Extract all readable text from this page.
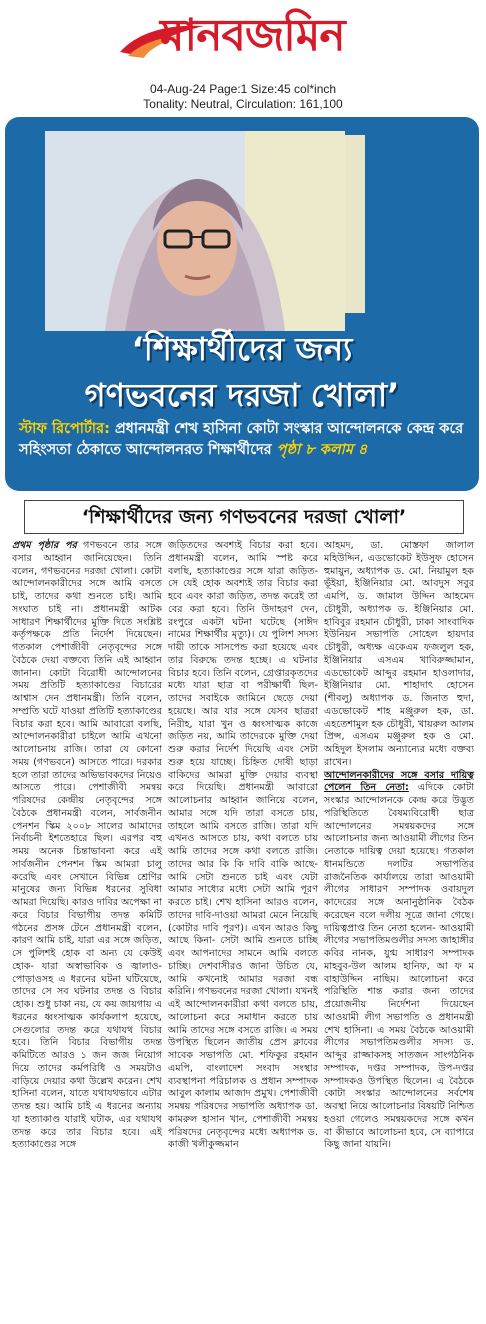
মানবজমিন
04-Aug-24 Page:1 Size:45 col*inch
Tonality: Neutral, Circulation: 161,100
‘শিক্ষার্থীদের জন্য
গণভবনের দরজা খোলা’
স্টাফ রিপোর্টার: প্রধানমন্ত্রী শেখ হাসিনা কোটা সংস্কার আন্দোলনকে কেন্দ্র করে সহিংসতা ঠেকাতে আন্দোলনরত শিক্ষার্থীদের পৃষ্ঠা ৮ কলাম ৪
‘শিক্ষার্থীদের জন্য গণভবনের দরজা খোলা’

প্রথম পৃষ্ঠার পর গণভবনে তার সঙ্গে বসার আহ্বান জানিয়েছেন। তিনি বলেন, গণভবনের দরজা খোলা। কোটা আন্দোলনকারীদের সঙ্গে আমি বসতে চাই, তাদের কথা শুনতে চাই। আমি সংঘাত চাই না। প্রধানমন্ত্রী আটক সাধারণ শিক্ষার্থীদের মুক্তি দিতে সংশ্লিষ্ট কর্তৃপক্ষকে প্রতি নির্দেশ দিয়েছেন। গতকাল পেশাজীবী নেতৃবৃন্দের সঙ্গে বৈঠকে দেয়া বক্তব্যে তিনি এই আহ্বান জানান। কোটা বিরোধী আন্দোলনের সময় প্রতিটি হত্যাকাণ্ডের বিচারের আশ্বাস দেন প্রধানমন্ত্রী। তিনি বলেন, সম্প্রতি ঘটে যাওয়া প্রতিটি হত্যাকাণ্ডের বিচার করা হবে। আমি আবারো বলছি, আন্দোলনকারীরা চাইলে আমি এখনো আলোচনায় রাজি। তারা যে কোনো সময় (গণভবনে) আসতে পারে। দরকার হলে তারা তাদের অভিভাবকদের নিয়েও আসতে পারে। পেশাজীবী সমন্বয় পরিষদের কেন্দ্রীয় নেতৃবৃন্দের সঙ্গে বৈঠকে প্রধানমন্ত্রী বলেন, সার্বজনীন পেনশন স্কিম ২০০৮ সালের আমাদের নির্বাচনী ইশতেহারে ছিল। এরপর বহু সময় অনেক চিন্তাভাবনা করে এই সার্বজনীন পেনশন স্কিম আমরা চালু করেছি এবং সেখানে বিভিন্ন শ্রেণির মানুষের জন্য বিভিন্ন ধরনের সুবিধা আমরা দিয়েছি। কারও দাবির অপেক্ষা না করে বিচার বিভাগীয় তদন্ত কমিটি গঠনের প্রসঙ্গ টেনে প্রধানমন্ত্রী বলেন, কারণ আমি চাই, যারা এর সঙ্গে জড়িত, সে পুলিশই হোক বা অন্য যে কেউই হোক- যারা অস্বাভাবিক ও জ্বালাও-পোড়াওসহ এ ধরনের ঘটনা ঘটিয়েছে, তাদের সে সব ঘটনার তদন্ত ও বিচার হোক। শুধু চাকা নয়, যে কয় জায়গায় এ ধরনের ধ্বংসাত্মক কার্যকলাপ হয়েছে, সেগুলোর তদন্ত করে যথাযথ বিচার হবে। তিনি বিচার বিভাগীয় তদন্ত কমিটিতে আরও ১ জন জজ নিয়োগ দিয়ে তাদের কর্মপরিধি ও সময়টাও বাড়িয়ে দেয়ার কথা উল্লেখ করেন। শেখ হাসিনা বলেন, যাতে যথাযথভাবে এটার তদন্ত হয়। আমি চাই এ ধরনের অন্যায় যা হত্যাকাণ্ড যারাই ঘটাক, এর যথাযথ তদন্ত করে তার বিচার হবে। এই হত্যাকাণ্ডের সঙ্গে

জড়িতদের অবশ্যই বিচার করা হবে। প্রধানমন্ত্রী বলেন, আমি স্পষ্ট করে বলছি, হত্যাকাণ্ডের সঙ্গে যারা জড়িত- সে যেই হোক অবশ্যই তার বিচার করা হবে এবং কারা জড়িত, তদন্ত করেই তা বের করা হবে। তিনি উদাহরণ দেন, রংপুরে একটা ঘটনা ঘটেছে (সাঈদ নামের শিক্ষার্থীর মৃত্যু)। যে পুলিশ সদস্য দায়ী তাকে সাসপেন্ড করা হয়েছে এবং তার বিরুদ্ধে তদন্ত হচ্ছে। এ ঘটনার বিচার হবে। তিনি বলেন, গ্রেপ্তারকৃতদের মধ্যে যারা ছাত্র বা পরীক্ষার্থী ছিল- তাদের সবাইকে জামিনে ছেড়ে দেয়া হয়েছে। আর যার সঙ্গে যেসব ছাত্ররা নিরীহ, যারা খুন ও ধ্বংসাত্মক কাজে জড়িত নয়, আমি তাদেরকে মুক্তি দেয়া শুরু করার নির্দেশ দিয়েছি এবং সেটা শুরু হয়ে যাচ্ছে। চিহ্নিত দোষী ছাড়া বাকিদের আমরা মুক্তি দেয়ার ব্যবস্থা করে দিয়েছি। প্রধানমন্ত্রী আবারো আলোচনার আহ্বান জানিয়ে বলেন, আমার সঙ্গে যদি তারা বসতে চায়, তাহলে আমি বসতে রাজি। তারা যদি এখনও আসতে চায়, কথা বলতে চায় আমি তাদের সঙ্গে কথা বলতে রাজি। তাদের আর কি কি দাবি বাকি আছে- আমি সেটা শুনতে চাই এবং যেটা আমার সাধ্যের মধ্যে সেটা আমি পূরণ করতে চাই। শেখ হাসিনা আরও বলেন, তাদের দাবি-দাওয়া আমরা মেনে নিয়েছি (কোটার দাবি পূরণ)। এখন আরও কিছু আছে কিনা- সেটা আমি শুনতে চাচ্ছি এবং আপনাদের সামনে আমি বলতে চাচ্ছি। দেশবাসীরও জানা উচিত যে, আমি কখনোই আমার দরজা বন্ধ করিনি। গণভবনের দরজা খোলা। যখনই এই আন্দোলনকারীরা কথা বলতে চায়, আলোচনা করে সমাধান করতে চায় আমি তাদের সঙ্গে বসতে রাজি। এ সময় উপস্থিত ছিলেন জাতীয় প্রেস ক্লাবের সাবেক সভাপতি মো. শফিকুর রহমান এমপি, বাংলাদেশ সংবাদ সংস্থার ব্যবস্থাপনা পরিচালক ও প্রধান সম্পাদক আবুল কালাম আজাদ প্রমুখ। পেশাজীবী সমন্বয় পরিষদের সভাপতি অধ্যাপক ডা. কামরুল হাসান খান, পেশাজীবী সমন্বয় পরিষদের নেতৃবৃন্দের মধ্যে অধ্যাপক ড. কাজী খলীকুজ্জমান

আহমদ, ডা. মোস্তফা জালাল মহিউদ্দিন, এডভোকেট ইউসুফ হোসেন হুমায়ুন, অধ্যাপক ড. মো. নিয়ামুল হক ভূঁইয়া, ইঞ্জিনিয়ার মো. আবদুস সবুর এমপি, ড. জামাল উদ্দিন আহমেদ চৌধুরী, অধ্যাপক ড. ইঞ্জিনিয়ার মো. হাবিবুর রহমান চৌধুরী, ঢাকা সাংবাদিক ইউনিয়ন সভাপতি সোহেল হায়দার চৌধুরী, অধ্যক্ষ একেএম ফজলুল হক, ইঞ্জিনিয়ার এসএম খাবিরুজ্জামান, এডভোকেট আব্দুর রহমান হাওলাদার, ইঞ্জিনিয়ার মো. শাহাদাৎ হোসেন (শীবলু) অধ্যাপক ড. জিনাত হুদা, এডভোকেট শাহ মঞ্জুরুল হক, ডা. এহতেশামুল হক চৌধুরী, খায়রুল আলম প্রিন্স, এসএম মঞ্জুরুল হক ও মো. অহিদুল ইসলাম অন্যান্যের মধ্যে বক্তব্য রাখেন।

আন্দোলনকারীদের সঙ্গে বসার দায়িত্ব পেলেন তিন নেতা: এদিকে কোটা সংস্কার আন্দোলনকে কেন্দ্র করে উদ্ভূত পরিস্থিতিতে বৈষম্যবিরোধী ছাত্র আন্দোলনের সমন্বয়কদের সঙ্গে আলোচনার জন্য আওয়ামী লীগের তিন নেতাকে দায়িত্ব দেয়া হয়েছে। গতকাল ধানমন্ডিতে দলটির সভাপতির রাজনৈতিক কার্যালয়ে তারা আওয়ামী লীগের সাধারণ সম্পাদক ওবায়দুল কাদেরের সঙ্গে অনানুষ্ঠানিক বৈঠক করেছেন বলে দলীয় সূত্রে জানা গেছে। দায়িত্বপ্রাপ্ত তিন নেতা হলেন- আওয়ামী লীগের সভাপতিমণ্ডলীর সদস্য জাহাঙ্গীর কবির নানক, যুগ্ম সাধারণ সম্পাদক মাহবুব-উল আলম হানিফ, আ ফ ম বাহাউদ্দিন নাছিম। আলোচনা করে পরিস্থিতি শান্ত করার জন্য তাদের প্রয়োজনীয় নির্দেশনা দিয়েছেন আওয়ামী লীগ সভাপতি ও প্রধানমন্ত্রী শেখ হাসিনা। এ সময় বৈঠকে আওয়ামী লীগের সভাপতিমণ্ডলীর সদস্য ড. আব্দুর রাজ্জাকসহ সাতজন সাংগঠনিক সম্পাদক, দপ্তর সম্পাদক, উপ-দপ্তর সম্পাদকও উপস্থিত ছিলেন। এ বৈঠকে কোটা সংস্কার আন্দোলনের সর্বশেষ অবস্থা নিয়ে আলোচনার বিষয়টি নিশ্চিত হওয়া গেলেও সমন্বয়কদের সঙ্গে কখন বা কীভাবে আলোচনা হবে, সে ব্যাপারে কিছু জানা যায়নি।
